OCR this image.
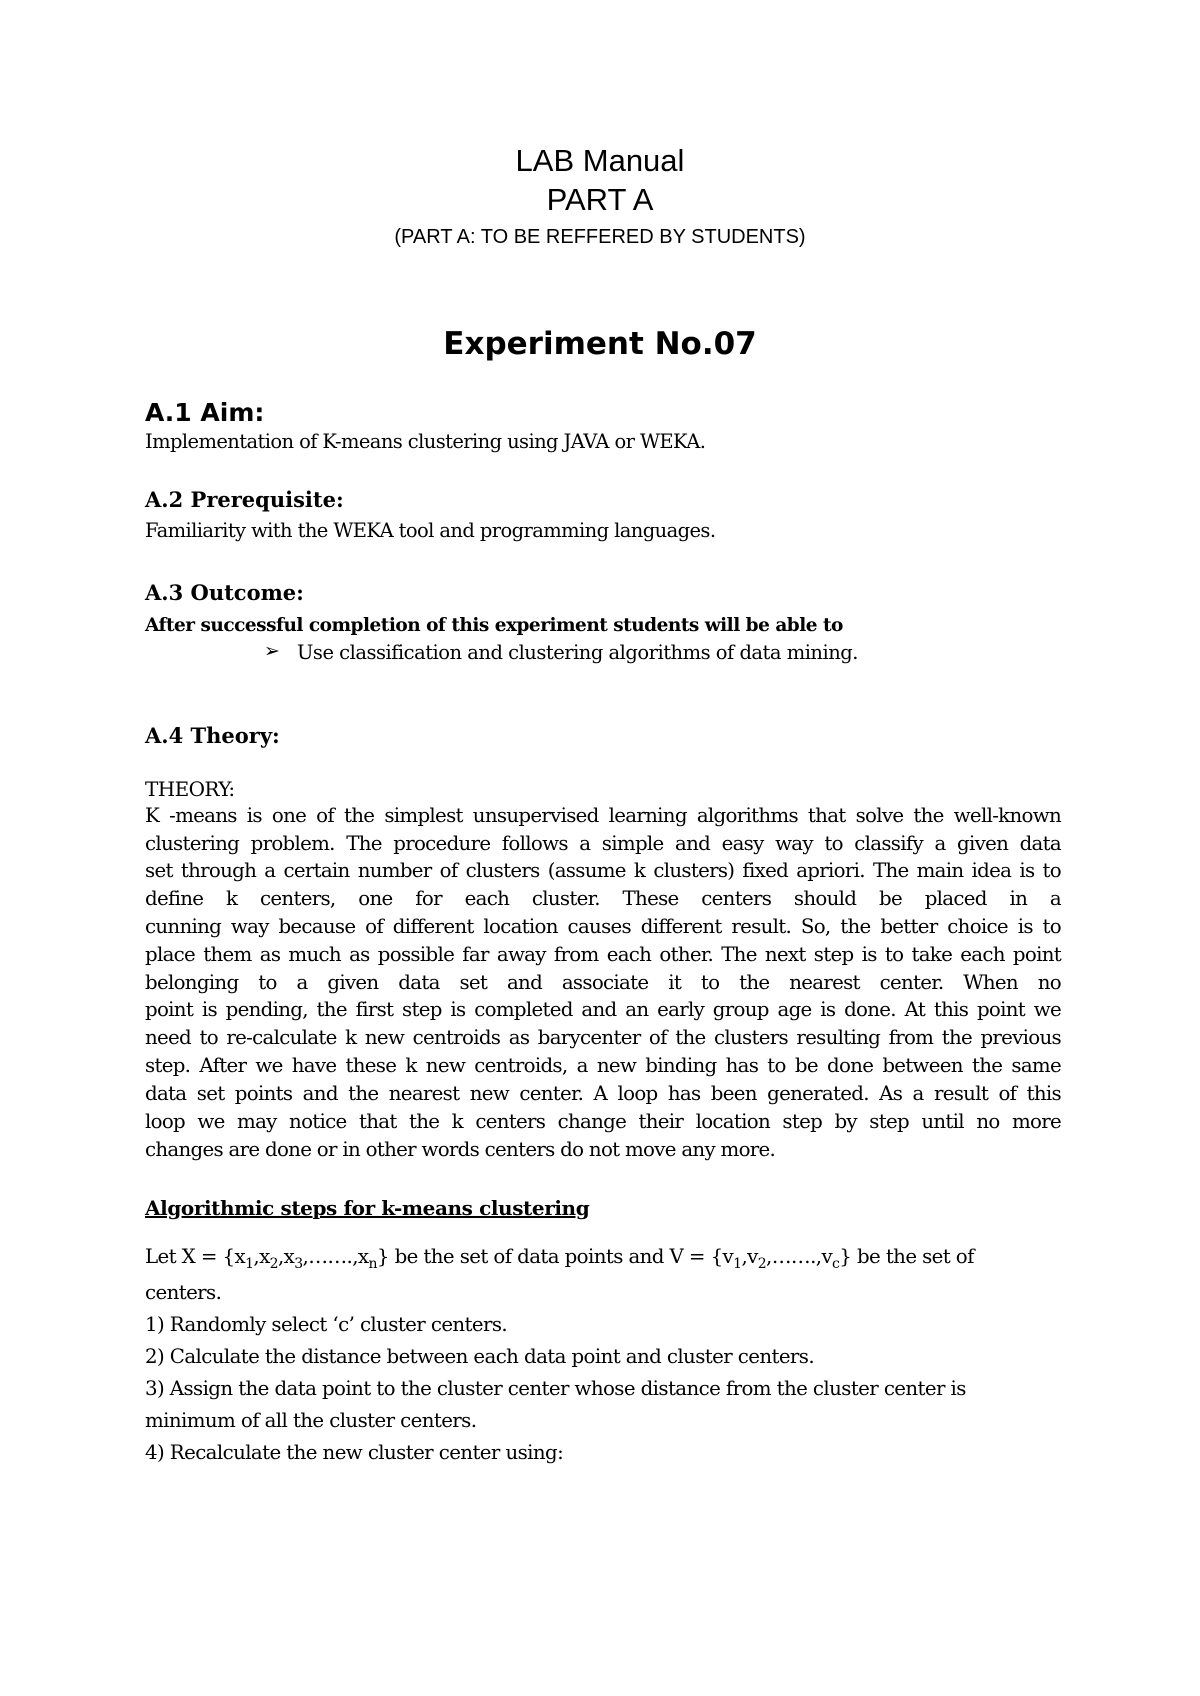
LAB Manual
PART A
(PART A: TO BE REFFERED BY STUDENTS)
Experiment No.07
A.1 Aim:
Implementation of K-means clustering using JAVA or WEKA.
A.2 Prerequisite:
Familiarity with the WEKA tool and programming languages.
A.3 Outcome:
After successful completion of this experiment students will be able to
➢ Use classification and clustering algorithms of data mining.
A.4 Theory:
THEORY:
K -means is one of the simplest unsupervised learning algorithms that solve the well-known
clustering problem. The procedure follows a simple and easy way to classify a given data
set through a certain number of clusters (assume k clusters) fixed apriori. The main idea is to
define k centers, one for each cluster. These centers should be placed in a
cunning way because of different location causes different result. So, the better choice is to
place them as much as possible far away from each other. The next step is to take each point
belonging to a given data set and associate it to the nearest center. When no
point is pending, the first step is completed and an early group age is done. At this point we
need to re-calculate k new centroids as barycenter of the clusters resulting from the previous
step. After we have these k new centroids, a new binding has to be done between the same
data set points and the nearest new center. A loop has been generated. As a result of this
loop we may notice that the k centers change their location step by step until no more
changes are done or in other words centers do not move any more.
Algorithmic steps for k-means clustering
Let $X = \{x_1,x_2,x_3,\dots\dots.,x_n\}$ be the set of data points and $V = \{v_1,v_2,\dots\dots.,v_c\}$ be the set of
centers.
1) Randomly select ‘c’ cluster centers.
2) Calculate the distance between each data point and cluster centers.
3) Assign the data point to the cluster center whose distance from the cluster center is
minimum of all the cluster centers.
4) Recalculate the new cluster center using:
